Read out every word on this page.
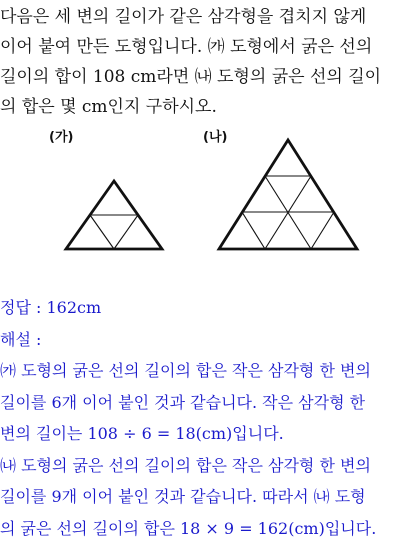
다음은 세 변의 길이가 같은 삼각형을 겹치지 않게
이어 붙여 만든 도형입니다. ㈎ 도형에서 굵은 선의
길이의 합이 108 cm라면 ㈏ 도형의 굵은 선의 길이
의 합은 몇 cm인지 구하시오.
(가)	(나)
정답 : 162cm
해설 :
㈎ 도형의 굵은 선의 길이의 합은 작은 삼각형 한 변의
길이를 6개 이어 붙인 것과 같습니다. 작은 삼각형 한
변의 길이는 108 ÷ 6 = 18(cm)입니다.
㈏ 도형의 굵은 선의 길이의 합은 작은 삼각형 한 변의
길이를 9개 이어 붙인 것과 같습니다. 따라서 ㈏ 도형
의 굵은 선의 길이의 합은 18 × 9 = 162(cm)입니다.
